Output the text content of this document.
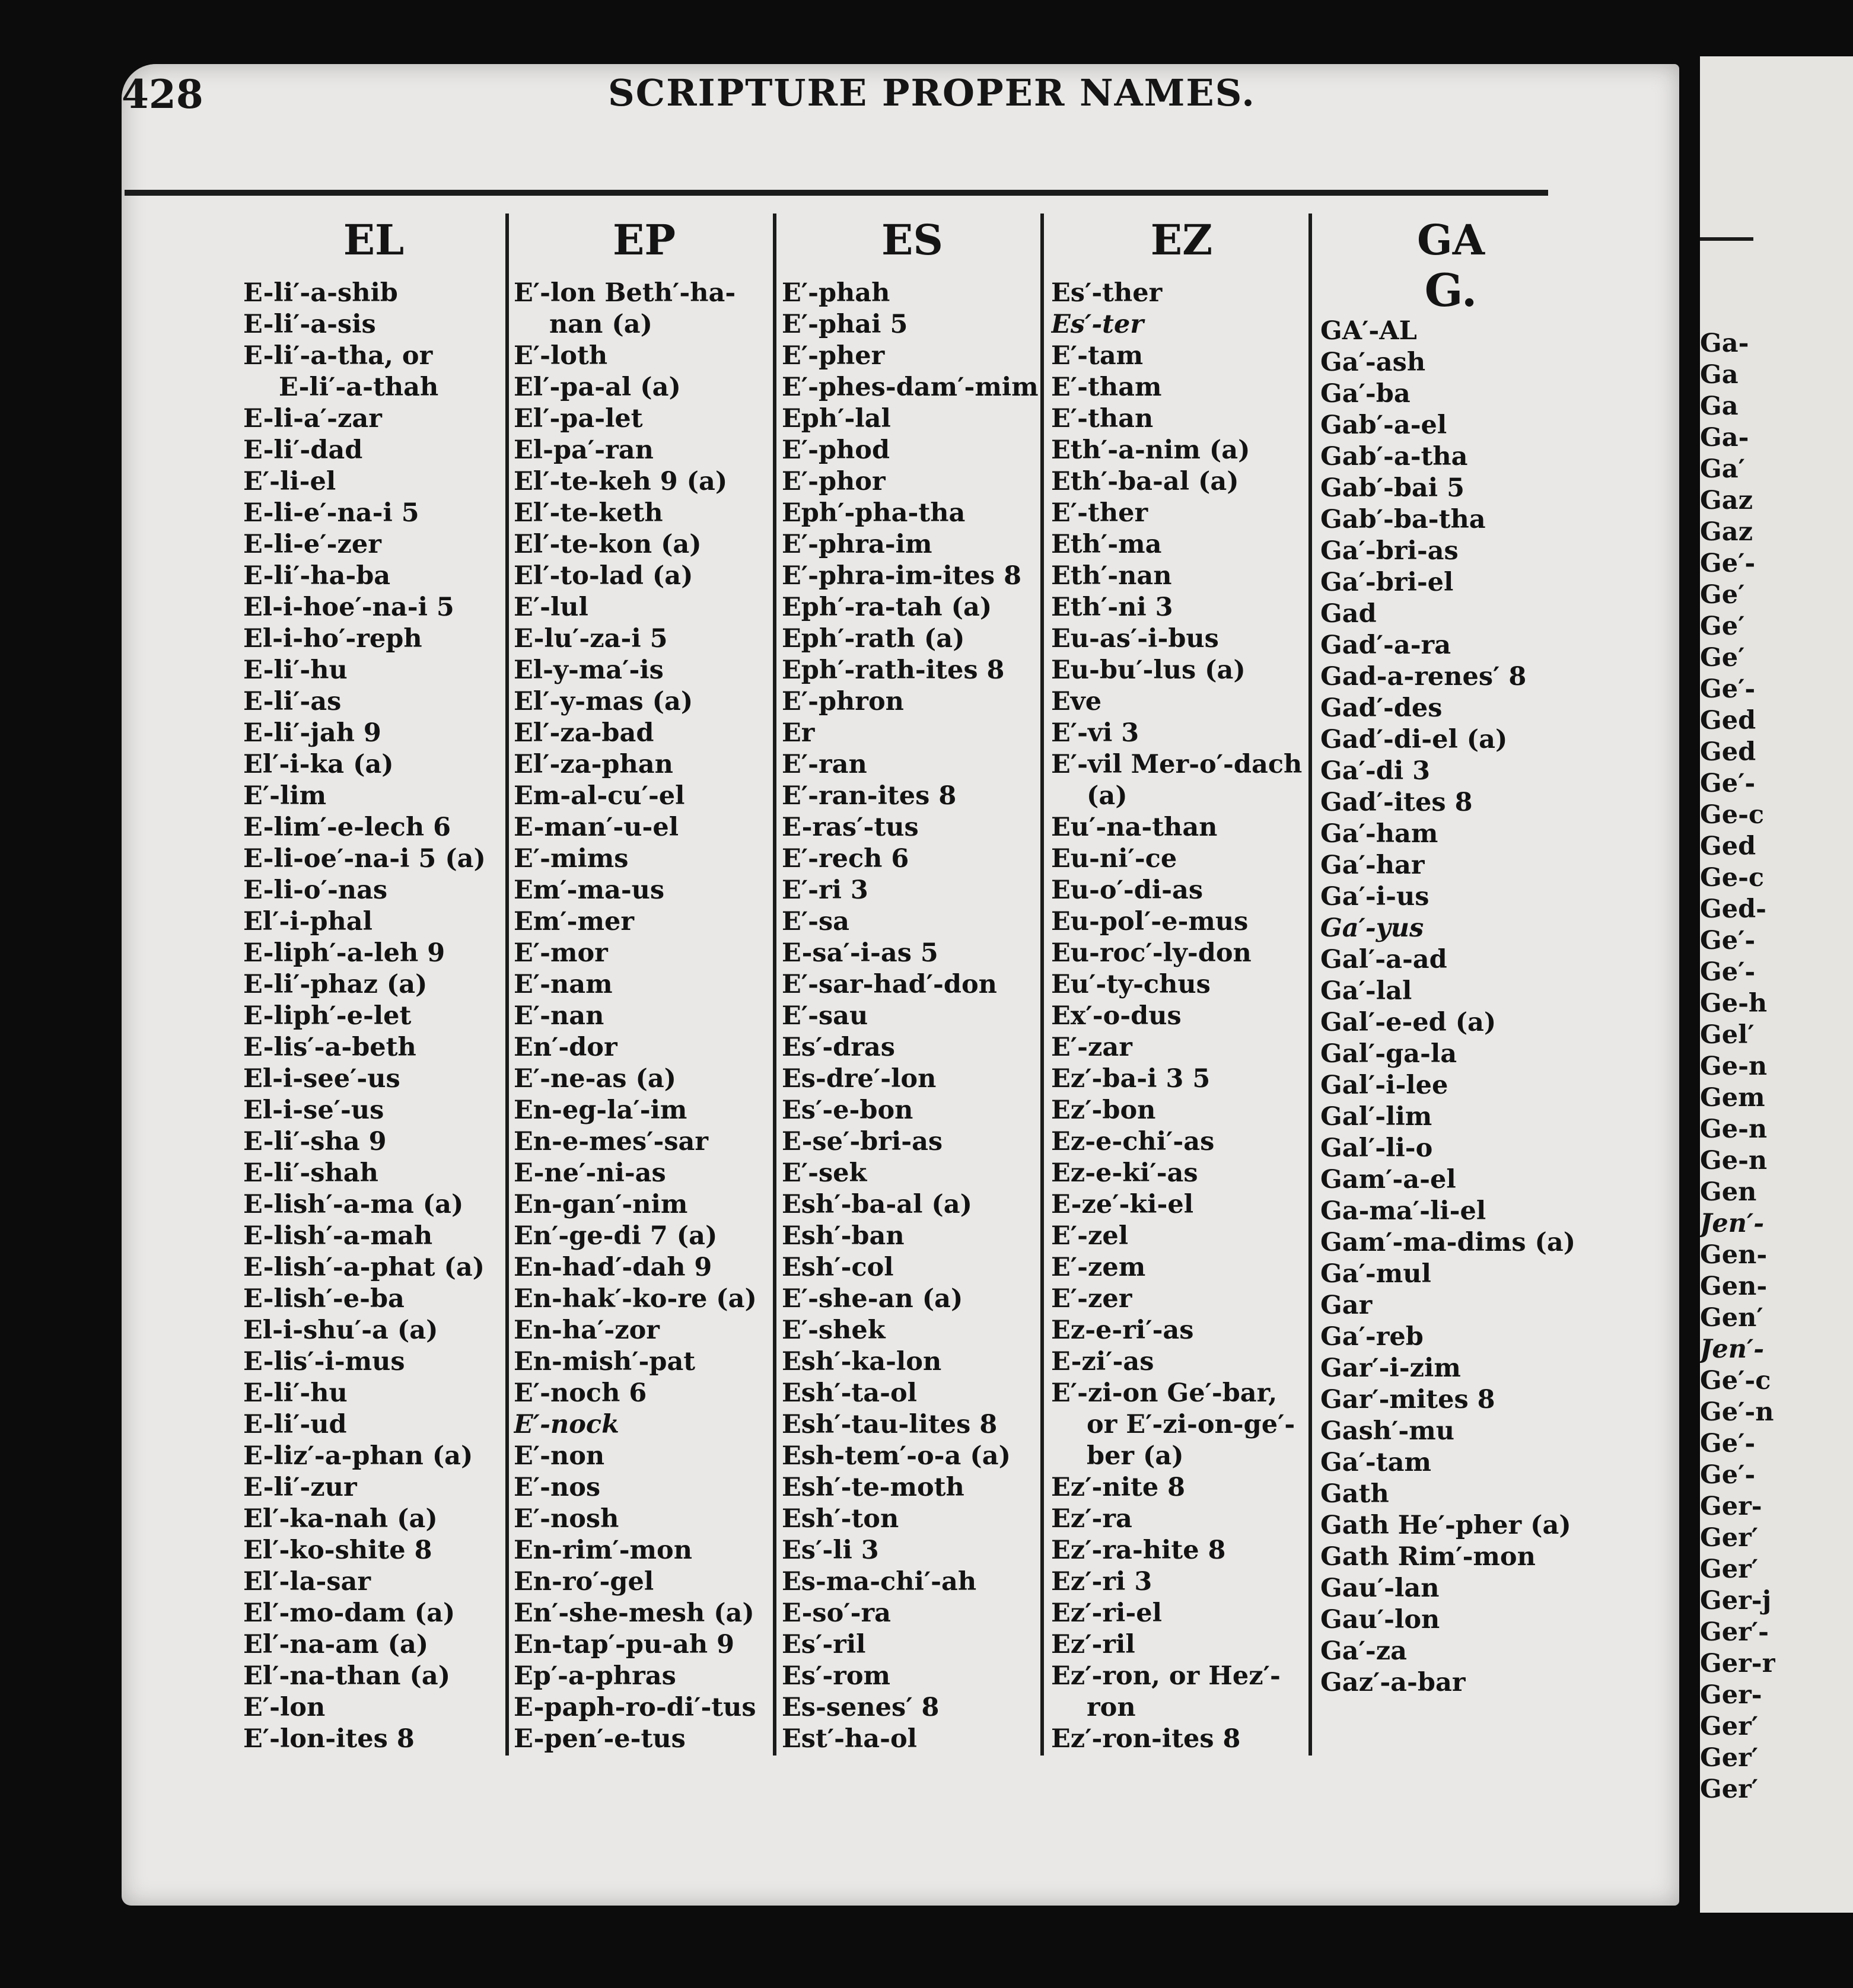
Ga-
Ga
Ga
Ga-
Ga′
Gaz
Gaz
Ge′-
Ge′
Ge′
Ge′
Ge′-
Ged
Ged
Ge′-
Ge-c
Ged
Ge-c
Ged-
Ge′-
Ge′-
Ge-h
Gel′
Ge-n
Gem
Ge-n
Ge-n
Gen
Jen′-
Gen-
Gen-
Gen′
Jen′-
Ge′-c
Ge′-n
Ge′-
Ge′-
Ger-
Ger′
Ger′
Ger-j
Ger′-
Ger-r
Ger-
Ger′
Ger′
Ger′
428	SCRIPTURE PROPER NAMES.
EL
E-li′-a-shib
E-li′-a-sis
E-li′-a-tha, or
E-li′-a-thah
E-li-a′-zar
E-li′-dad
E′-li-el
E-li-e′-na-i 5
E-li-e′-zer
E-li′-ha-ba
El-i-hoe′-na-i 5
El-i-ho′-reph
E-li′-hu
E-li′-as
E-li′-jah 9
El′-i-ka (a)
E′-lim
E-lim′-e-lech 6
E-li-oe′-na-i 5 (a)
E-li-o′-nas
El′-i-phal
E-liph′-a-leh 9
E-li′-phaz (a)
E-liph′-e-let
E-lis′-a-beth
El-i-see′-us
El-i-se′-us
E-li′-sha 9
E-li′-shah
E-lish′-a-ma (a)
E-lish′-a-mah
E-lish′-a-phat (a)
E-lish′-e-ba
El-i-shu′-a (a)
E-lis′-i-mus
E-li′-hu
E-li′-ud
E-liz′-a-phan (a)
E-li′-zur
El′-ka-nah (a)
El′-ko-shite 8
El′-la-sar
El′-mo-dam (a)
El′-na-am (a)
El′-na-than (a)
E′-lon
E′-lon-ites 8
EP
E′-lon Beth′-ha-
nan (a)
E′-loth
El′-pa-al (a)
El′-pa-let
El-pa′-ran
El′-te-keh 9 (a)
El′-te-keth
El′-te-kon (a)
El′-to-lad (a)
E′-lul
E-lu′-za-i 5
El-y-ma′-is
El′-y-mas (a)
El′-za-bad
El′-za-phan
Em-al-cu′-el
E-man′-u-el
E′-mims
Em′-ma-us
Em′-mer
E′-mor
E′-nam
E′-nan
En′-dor
E′-ne-as (a)
En-eg-la′-im
En-e-mes′-sar
E-ne′-ni-as
En-gan′-nim
En′-ge-di 7 (a)
En-had′-dah 9
En-hak′-ko-re (a)
En-ha′-zor
En-mish′-pat
E′-noch 6
E′-nock
E′-non
E′-nos
E′-nosh
En-rim′-mon
En-ro′-gel
En′-she-mesh (a)
En-tap′-pu-ah 9
Ep′-a-phras
E-paph-ro-di′-tus
E-pen′-e-tus
ES
E′-phah
E′-phai 5
E′-pher
E′-phes-dam′-mim
Eph′-lal
E′-phod
E′-phor
Eph′-pha-tha
E′-phra-im
E′-phra-im-ites 8
Eph′-ra-tah (a)
Eph′-rath (a)
Eph′-rath-ites 8
E′-phron
Er
E′-ran
E′-ran-ites 8
E-ras′-tus
E′-rech 6
E′-ri 3
E′-sa
E-sa′-i-as 5
E′-sar-had′-don
E′-sau
Es′-dras
Es-dre′-lon
Es′-e-bon
E-se′-bri-as
E′-sek
Esh′-ba-al (a)
Esh′-ban
Esh′-col
E′-she-an (a)
E′-shek
Esh′-ka-lon
Esh′-ta-ol
Esh′-tau-lites 8
Esh-tem′-o-a (a)
Esh′-te-moth
Esh′-ton
Es′-li 3
Es-ma-chi′-ah
E-so′-ra
Es′-ril
Es′-rom
Es-senes′ 8
Est′-ha-ol
EZ
Es′-ther
Es′-ter
E′-tam
E′-tham
E′-than
Eth′-a-nim (a)
Eth′-ba-al (a)
E′-ther
Eth′-ma
Eth′-nan
Eth′-ni 3
Eu-as′-i-bus
Eu-bu′-lus (a)
Eve
E′-vi 3
E′-vil Mer-o′-dach
(a)
Eu′-na-than
Eu-ni′-ce
Eu-o′-di-as
Eu-pol′-e-mus
Eu-roc′-ly-don
Eu′-ty-chus
Ex′-o-dus
E′-zar
Ez′-ba-i 3 5
Ez′-bon
Ez-e-chi′-as
Ez-e-ki′-as
E-ze′-ki-el
E′-zel
E′-zem
E′-zer
Ez-e-ri′-as
E-zi′-as
E′-zi-on Ge′-bar,
or E′-zi-on-ge′-
ber (a)
Ez′-nite 8
Ez′-ra
Ez′-ra-hite 8
Ez′-ri 3
Ez′-ri-el
Ez′-ril
Ez′-ron, or Hez′-
ron
Ez′-ron-ites 8
GA
G.
GA′-AL
Ga′-ash
Ga′-ba
Gab′-a-el
Gab′-a-tha
Gab′-bai 5
Gab′-ba-tha
Ga′-bri-as
Ga′-bri-el
Gad
Gad′-a-ra
Gad-a-renes′ 8
Gad′-des
Gad′-di-el (a)
Ga′-di 3
Gad′-ites 8
Ga′-ham
Ga′-har
Ga′-i-us
Ga′-yus
Gal′-a-ad
Ga′-lal
Gal′-e-ed (a)
Gal′-ga-la
Gal′-i-lee
Gal′-lim
Gal′-li-o
Gam′-a-el
Ga-ma′-li-el
Gam′-ma-dims (a)
Ga′-mul
Gar
Ga′-reb
Gar′-i-zim
Gar′-mites 8
Gash′-mu
Ga′-tam
Gath
Gath He′-pher (a)
Gath Rim′-mon
Gau′-lan
Gau′-lon
Ga′-za
Gaz′-a-bar
